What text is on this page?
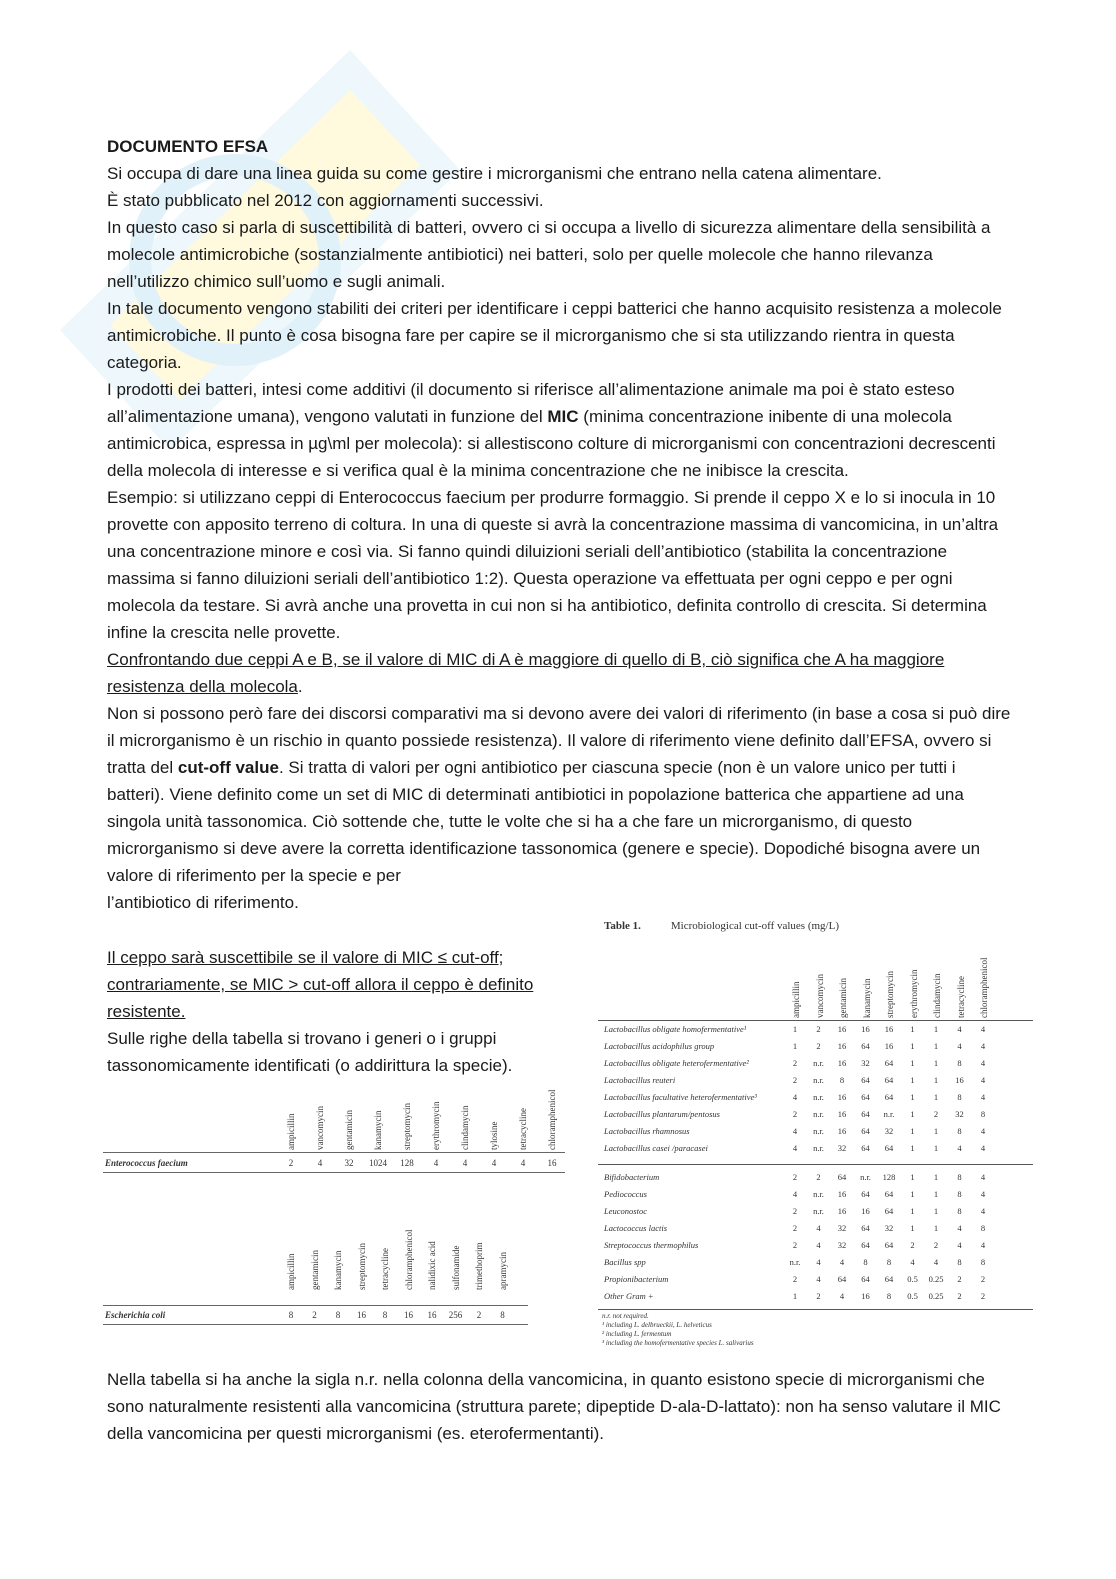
DOCUMENTO EFSA

Si occupa di dare una linea guida su come gestire i microrganismi che entrano nella catena alimentare.

È stato pubblicato nel 2012 con aggiornamenti successivi.

In questo caso si parla di suscettibilità di batteri, ovvero ci si occupa a livello di sicurezza alimentare della sensibilità a molecole antimicrobiche (sostanzialmente antibiotici) nei batteri, solo per quelle molecole che hanno rilevanza nell’utilizzo chimico sull’uomo e sugli animali.

In tale documento vengono stabiliti dei criteri per identificare i ceppi batterici che hanno acquisito resistenza a molecole antimicrobiche. Il punto è cosa bisogna fare per capire se il microrganismo che si sta utilizzando rientra in questa categoria.

I prodotti dei batteri, intesi come additivi (il documento si riferisce all’alimentazione animale ma poi è stato esteso all’alimentazione umana), vengono valutati in funzione del MIC (minima concentrazione inibente di una molecola antimicrobica, espressa in µg\ml per molecola): si allestiscono colture di microrganismi con concentrazioni decrescenti della molecola di interesse e si verifica qual è la minima concentrazione che ne inibisce la crescita.

Esempio: si utilizzano ceppi di Enterococcus faecium per produrre formaggio. Si prende il ceppo X e lo si inocula in 10 provette con apposito terreno di coltura. In una di queste si avrà la concentrazione massima di vancomicina, in un’altra una concentrazione minore e così via. Si fanno quindi diluizioni seriali dell’antibiotico (stabilita la concentrazione massima si fanno diluizioni seriali dell’antibiotico 1:2). Questa operazione va effettuata per ogni ceppo e per ogni molecola da testare. Si avrà anche una provetta in cui non si ha antibiotico, definita controllo di crescita. Si determina infine la crescita nelle provette.

Confrontando due ceppi A e B, se il valore di MIC di A è maggiore di quello di B, ciò significa che A ha maggiore resistenza della molecola.

Non si possono però fare dei discorsi comparativi ma si devono avere dei valori di riferimento (in base a cosa si può dire il microrganismo è un rischio in quanto possiede resistenza). Il valore di riferimento viene definito dall’EFSA, ovvero si tratta del cut-off value. Si tratta di valori per ogni antibiotico per ciascuna specie (non è un valore unico per tutti i batteri). Viene definito come un set di MIC di determinati antibiotici in popolazione batterica che appartiene ad una singola unità tassonomica. Ciò sottende che, tutte le volte che si ha a che fare un microrganismo, di questo microrganismo si deve avere la corretta identificazione tassonomica (genere e specie). Dopodiché bisogna avere un valore di riferimento per la specie e per

l’antibiotico di riferimento.

Il ceppo sarà suscettibile se il valore di MIC ≤ cut-off; contrariamente, se MIC > cut-off allora il ceppo è definito resistente.

Sulle righe della tabella si trovano i generi o i gruppi tassonomicamente identificati (o addirittura la specie).

ampicillin vancomycin gentamicin kanamycin streptomycin erythromycin clindamycin tylosine tetracycline chloramphenicol
Enterococcus faecium	2	4	32	1024	128	4	4	4	4	16
ampicillin gentamicin kanamycin streptomycin tetracycline chloramphenicol nalidixic acid sulfonamide trimethoprim apramycin
Escherichia coli	8	2	8	16	8	16	16	256	2	8
Table 1.	Microbiological cut-off values (mg/L)
ampicillin vancomycin gentamicin kanamycin streptomycin erythromycin clindamycin tetracycline chloramphenicol
Lactobacillus obligate homofermentative¹	1	2	16	16	16	1	1	4	4
Lactobacillus acidophilus group	1	2	16	64	16	1	1	4	4
Lactobacillus obligate heterofermentative²	2	n.r.	16	32	64	1	1	8	4
Lactobacillus reuteri	2	n.r.	8	64	64	1	1	16	4
Lactobacillus facultative heterofermentative³	4	n.r.	16	64	64	1	1	8	4
Lactobacillus plantarum/pentosus	2	n.r.	16	64	n.r.	1	2	32	8
Lactobacillus rhamnosus	4	n.r.	16	64	32	1	1	8	4
Lactobacillus casei /paracasei	4	n.r.	32	64	64	1	1	4	4
Bifidobacterium	2	2	64	n.r.	128	1	1	8	4
Pediococcus	4	n.r.	16	64	64	1	1	8	4
Leuconostoc	2	n.r.	16	16	64	1	1	8	4
Lactococcus lactis	2	4	32	64	32	1	1	4	8
Streptococcus thermophilus	2	4	32	64	64	2	2	4	4
Bacillus spp	n.r.	4	4	8	8	4	4	8	8
Propionibacterium	2	4	64	64	64	0.5	0.25	2	2
Other Gram +	1	2	4	16	8	0.5	0.25	2	2
n.r. not required.
¹ including L. delbrueckii, L. helveticus
² including L. fermentum
³ including the homofermentative species L. salivarius

Nella tabella si ha anche la sigla n.r. nella colonna della vancomicina, in quanto esistono specie di microrganismi che sono naturalmente resistenti alla vancomicina (struttura parete; dipeptide D-ala-D-lattato): non ha senso valutare il MIC della vancomicina per questi microrganismi (es. eterofermentanti).
